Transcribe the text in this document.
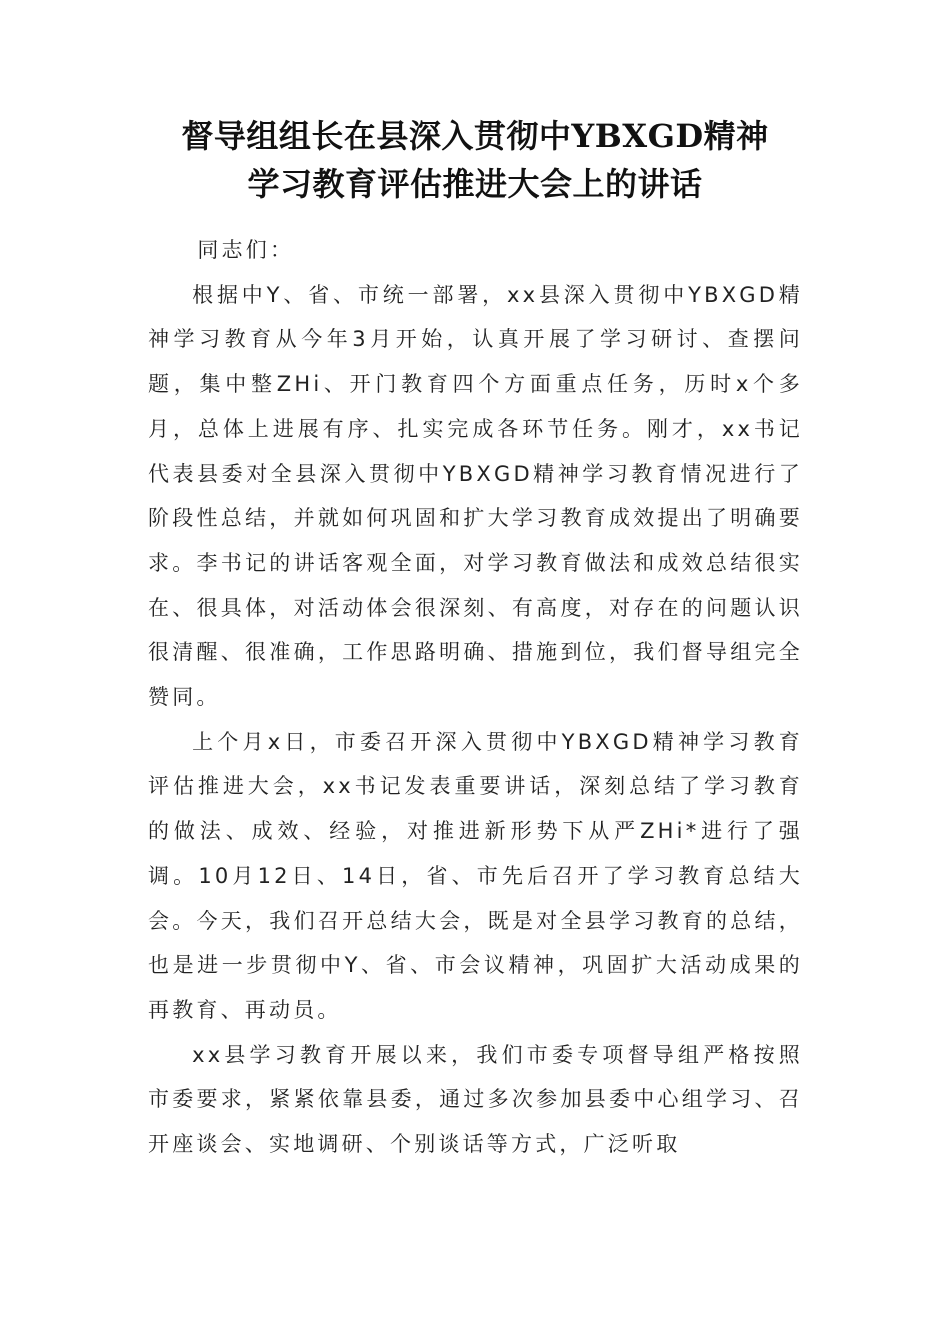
督导组组长在县深入贯彻中YBXGD精神
学习教育评估推进大会上的讲话

同志们：

根据中Y、省、市统一部署，xx县深入贯彻中YBXGD精神学习教育从今年3月开始，认真开展了学习研讨、查摆问题，集中整ZHi、开门教育四个方面重点任务，历时x个多月，总体上进展有序、扎实完成各环节任务。刚才，xx书记代表县委对全县深入贯彻中YBXGD精神学习教育情况进行了阶段性总结，并就如何巩固和扩大学习教育成效提出了明确要求。李书记的讲话客观全面，对学习教育做法和成效总结很实在、很具体，对活动体会很深刻、有高度，对存在的问题认识很清醒、很准确，工作思路明确、措施到位，我们督导组完全赞同。

上个月x日，市委召开深入贯彻中YBXGD精神学习教育评估推进大会，xx书记发表重要讲话，深刻总结了学习教育的做法、成效、经验，对推进新形势下从严ZHi*进行了强调。10月12日、14日，省、市先后召开了学习教育总结大会。今天，我们召开总结大会，既是对全县学习教育的总结，也是进一步贯彻中Y、省、市会议精神，巩固扩大活动成果的再教育、再动员。

xx县学习教育开展以来，我们市委专项督导组严格按照市委要求，紧紧依靠县委，通过多次参加县委中心组学习、召开座谈会、实地调研、个别谈话等方式，广泛听取
